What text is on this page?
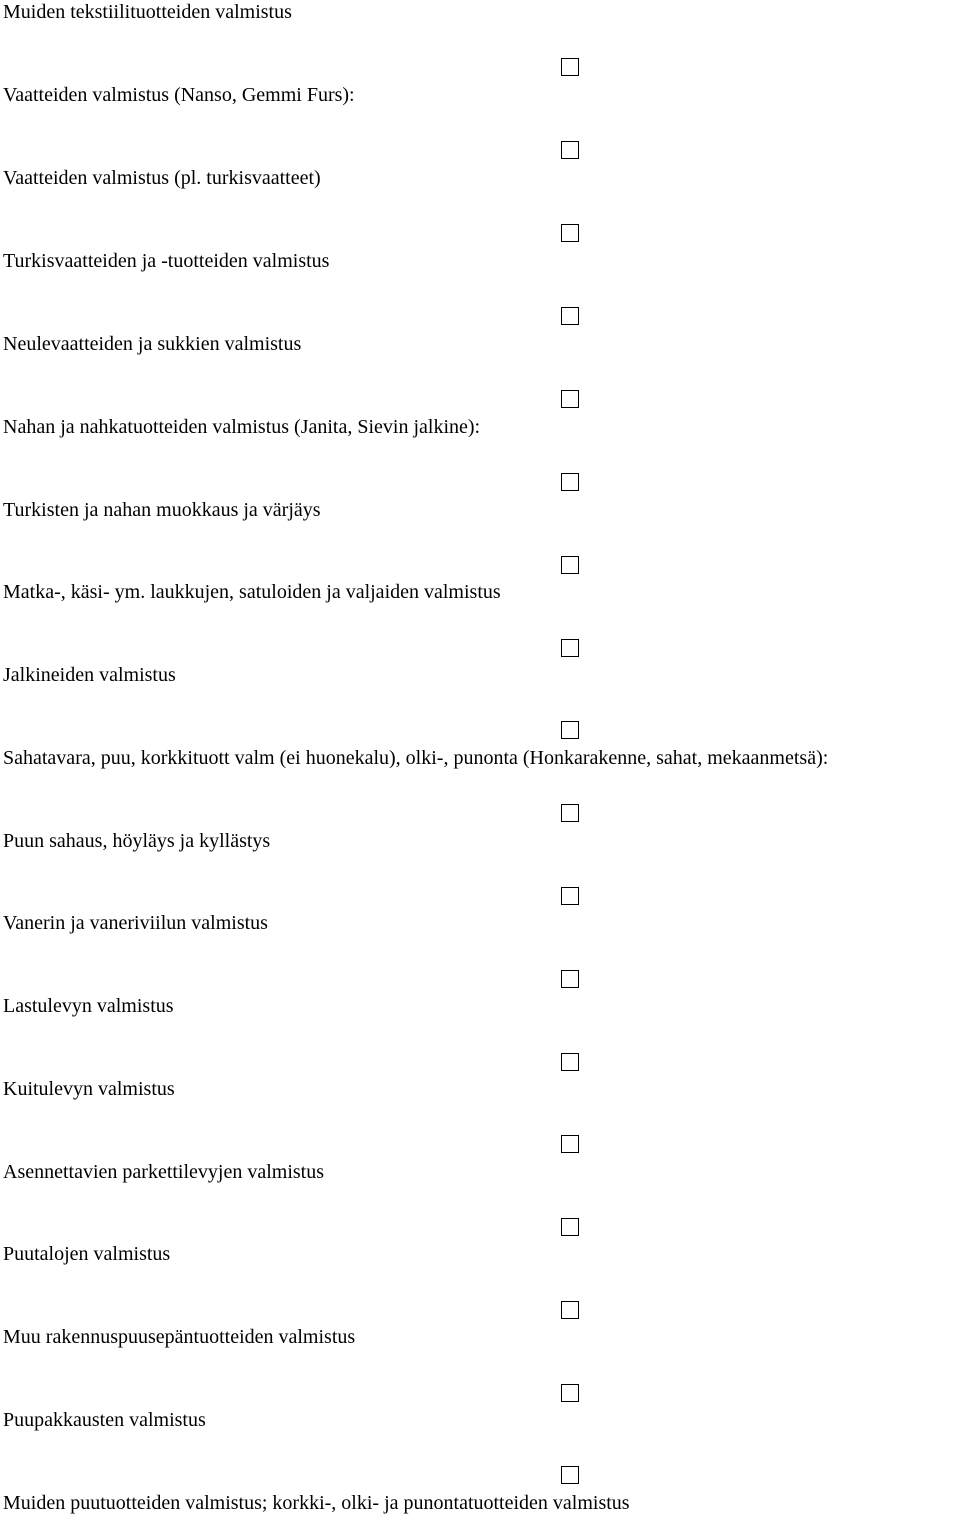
Muiden tekstiilituotteiden valmistus
Vaatteiden valmistus (Nanso, Gemmi Furs):
Vaatteiden valmistus (pl. turkisvaatteet)
Turkisvaatteiden ja -tuotteiden valmistus
Neulevaatteiden ja sukkien valmistus
Nahan ja nahkatuotteiden valmistus (Janita, Sievin jalkine):
Turkisten ja nahan muokkaus ja värjäys
Matka-, käsi- ym. laukkujen, satuloiden ja valjaiden valmistus
Jalkineiden valmistus
Sahatavara, puu, korkkituott valm (ei huonekalu), olki-, punonta (Honkarakenne, sahat, mekaanmetsä):
Puun sahaus, höyläys ja kyllästys
Vanerin ja vaneriviilun valmistus
Lastulevyn valmistus
Kuitulevyn valmistus
Asennettavien parkettilevyjen valmistus
Puutalojen valmistus
Muu rakennuspuusepäntuotteiden valmistus
Puupakkausten valmistus
Muiden puutuotteiden valmistus; korkki-, olki- ja punontatuotteiden valmistus
